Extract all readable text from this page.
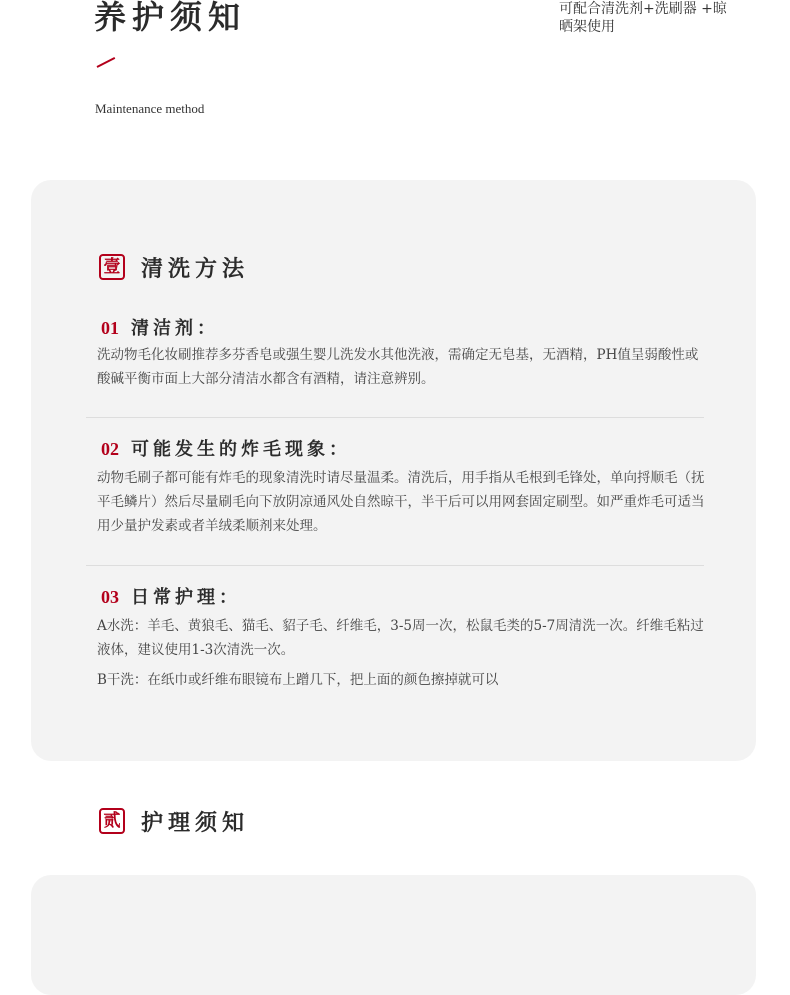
养护须知
Maintenance method
可配合清洗剂+洗刷器 +晾晒架使用
壹 清洗方法
01 清洁剂：

洗动物毛化妆刷推荐多芬香皂或强生婴儿洗发水其他洗液，需确定无皂基，无酒精，PH值呈弱酸性或酸碱平衡市面上大部分清洁水都含有酒精，请注意辨别。

02 可能发生的炸毛现象：

动物毛刷子都可能有炸毛的现象清洗时请尽量温柔。清洗后，用手指从毛根到毛锋处，单向捋顺毛（抚平毛鳞片）然后尽量刷毛向下放阴凉通风处自然晾干，半干后可以用网套固定刷型。如严重炸毛可适当用少量护发素或者羊绒柔顺剂来处理。

03 日常护理：

A水洗：羊毛、黄狼毛、猫毛、貂子毛、纤维毛，3-5周一次，松鼠毛类的5-7周清洗一次。纤维毛粘过液体，建议使用1-3次清洗一次。

B干洗：在纸巾或纤维布眼镜布上蹭几下，把上面的颜色擦掉就可以

贰 护理须知
